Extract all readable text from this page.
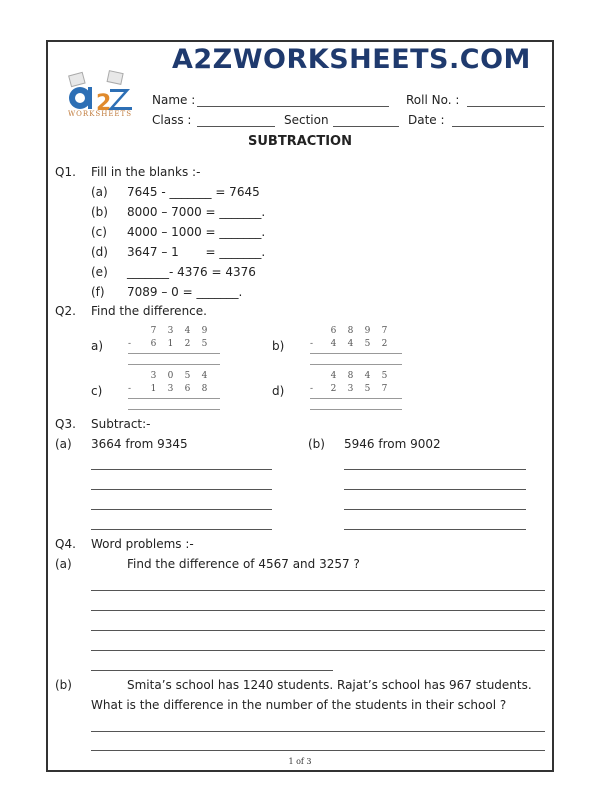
A2ZWORKSHEETS.COM
2
WORKSHEETS
Name :	Roll No. :
Class :	Section	Date :
SUBTRACTION
Q1. Fill in the blanks :-
(a) 7645 - _______ = 7645
(b) 8000 – 7000 = _______.
(c) 4000 – 1000 = _______.
(d) 3647 – 1       = _______.
(e) _______- 4376 = 4376
(f) 7089 – 0 = _______.
Q2. Find the difference.
a)
7	3	4	9
-	6	1	2	5	b)
6	8	9	7
-	4	4	5	2
c)
3	0	5	4
-	1	3	6	8	d)
4	8	4	5
-	2	3	5	7
Q3. Subtract:-
(a) 3664 from 9345	(b) 5946 from 9002
Q4. Word problems :-
(a)	Find the difference of 4567 and 3257 ?
(b)	Smita’s school has 1240 students. Rajat’s school has 967 students.
What is the difference in the number of the students in their school ?
1 of 3
